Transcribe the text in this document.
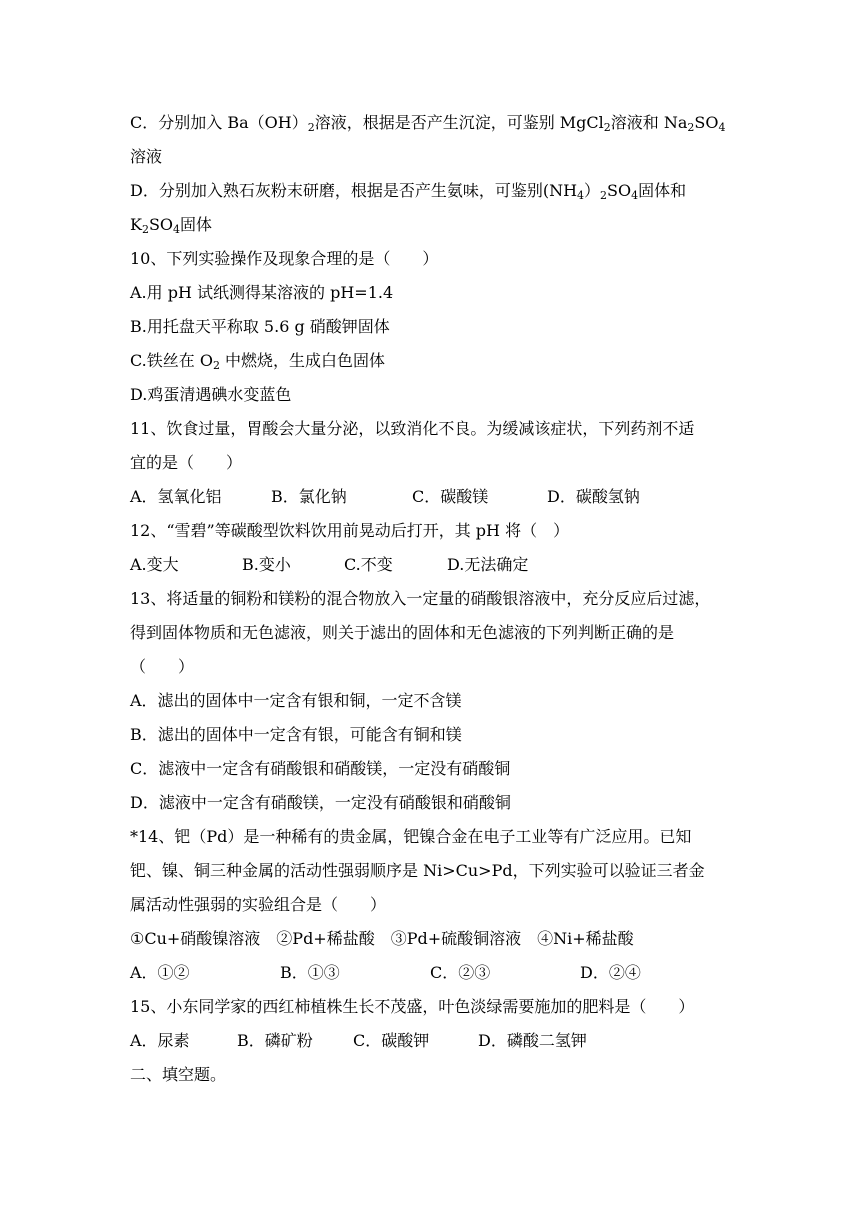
C．分别加入 $Ba(OH)_2$溶液，根据是否产生沉淀，可鉴别 MgCl$_2$溶液和 $Na_2SO_4$
溶液
D．分别加入熟石灰粉末研磨，根据是否产生氨味，可鉴别$(NH_4)_2SO_4$固体和
$K_2SO_4$固体
10、下列实验操作及现象合理的是（　　）
A.用 pH 试纸测得某溶液的 pH=1.4
B.用托盘天平称取 5.6 g 硝酸钾固体
C.铁丝在 $O_2$ 中燃烧，生成白色固体
D.鸡蛋清遇碘水变蓝色
11、饮食过量，胃酸会大量分泌，以致消化不良。为缓减该症状，下列药剂不适
宜的是（　　）
A．氢氧化铝	B．氯化钠	C．碳酸镁	D．碳酸氢钠
12、“雪碧”等碳酸型饮料饮用前晃动后打开，其 pH 将（　）
A.变大	B.变小	C.不变	D.无法确定
13、将适量的铜粉和镁粉的混合物放入一定量的硝酸银溶液中，充分反应后过滤，
得到固体物质和无色滤液，则关于滤出的固体和无色滤液的下列判断正确的是
（　　）
A．滤出的固体中一定含有银和铜，一定不含镁
B．滤出的固体中一定含有银，可能含有铜和镁
C．滤液中一定含有硝酸银和硝酸镁，一定没有硝酸铜
D．滤液中一定含有硝酸镁，一定没有硝酸银和硝酸铜
*14、钯（Pd）是一种稀有的贵金属，钯镍合金在电子工业等有广泛应用。已知
钯、镍、铜三种金属的活动性强弱顺序是 Ni>Cu>Pd，下列实验可以验证三者金
属活动性强弱的实验组合是（　　）
①Cu+硝酸镍溶液　②Pd+稀盐酸　③Pd+硫酸铜溶液　④Ni+稀盐酸
A．①②	B．①③	C．②③	D．②④
15、小东同学家的西红柿植株生长不茂盛，叶色淡绿需要施加的肥料是（　　）
A．尿素	B．磷矿粉	C．碳酸钾	D．磷酸二氢钾
二、填空题。
